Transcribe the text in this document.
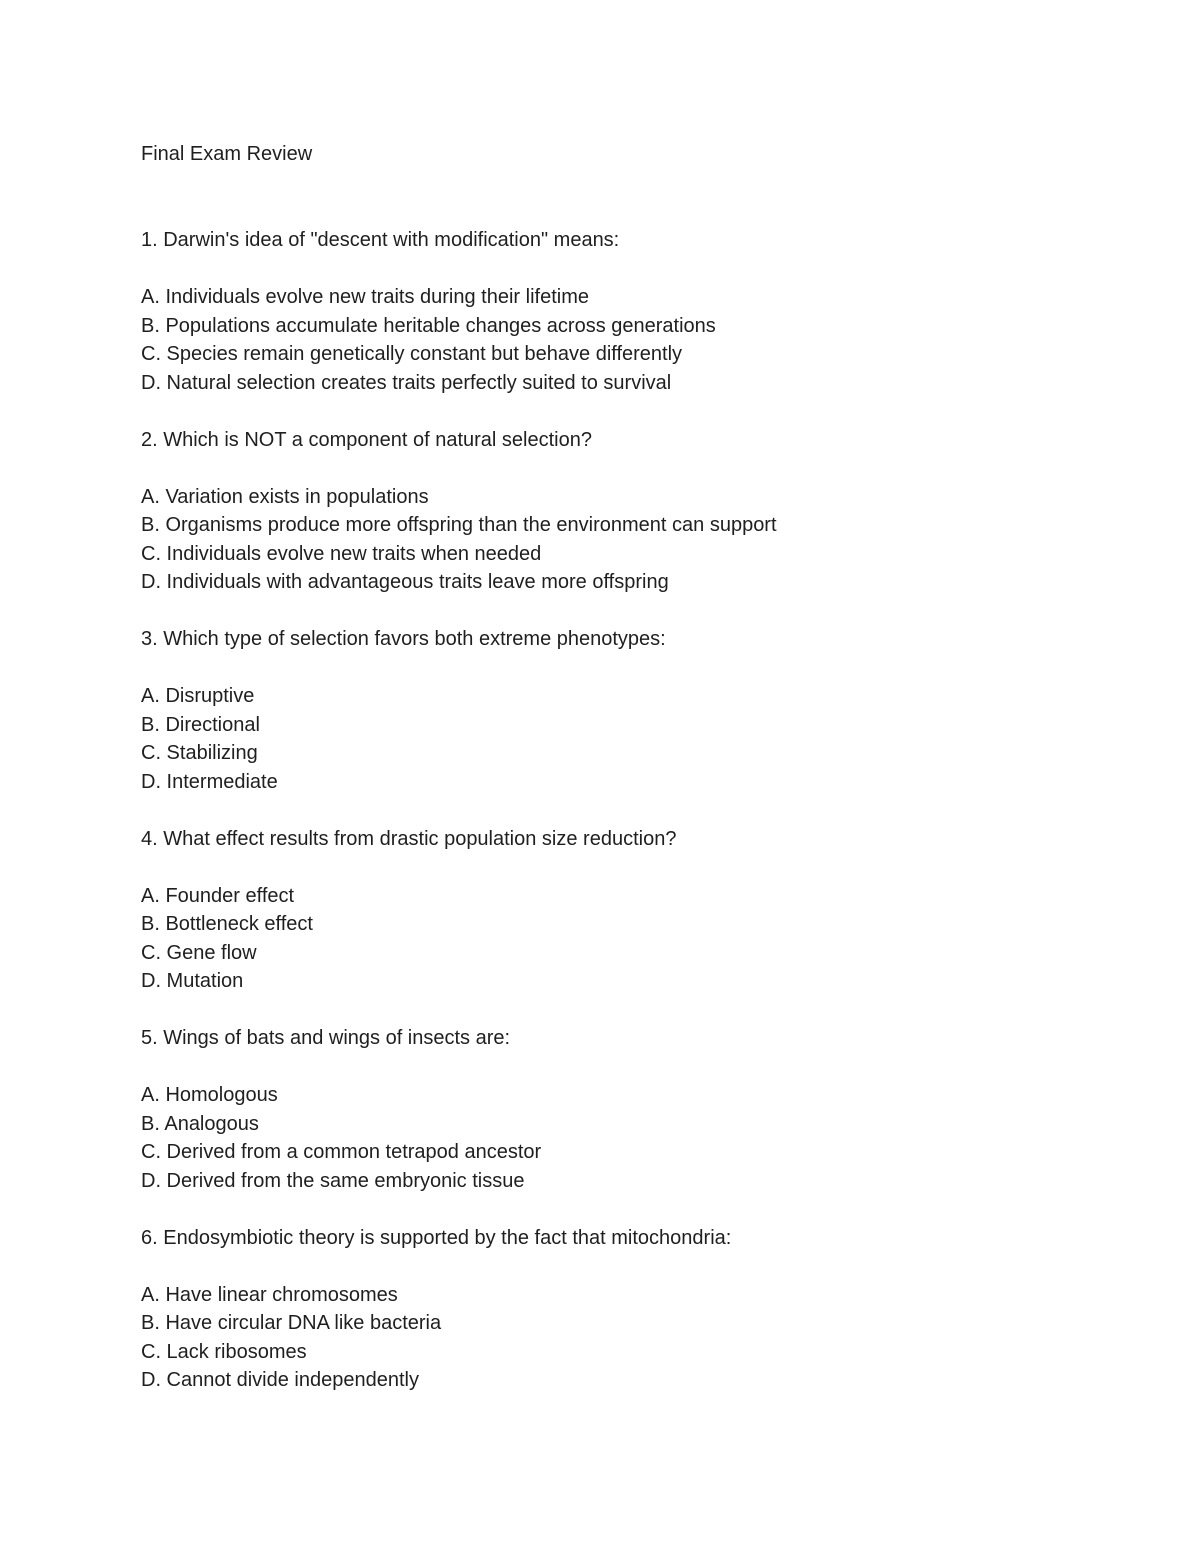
Final Exam Review
1. Darwin's idea of "descent with modification" means:
A. Individuals evolve new traits during their lifetime
B. Populations accumulate heritable changes across generations
C. Species remain genetically constant but behave differently
D. Natural selection creates traits perfectly suited to survival
2. Which is NOT a component of natural selection?
A. Variation exists in populations
B. Organisms produce more offspring than the environment can support
C. Individuals evolve new traits when needed
D. Individuals with advantageous traits leave more offspring
3. Which type of selection favors both extreme phenotypes:
A. Disruptive
B. Directional
C. Stabilizing
D. Intermediate
4. What effect results from drastic population size reduction?
A. Founder effect
B. Bottleneck effect
C. Gene flow
D. Mutation
5. Wings of bats and wings of insects are:
A. Homologous
B. Analogous
C. Derived from a common tetrapod ancestor
D. Derived from the same embryonic tissue
6. Endosymbiotic theory is supported by the fact that mitochondria:
A. Have linear chromosomes
B. Have circular DNA like bacteria
C. Lack ribosomes
D. Cannot divide independently
